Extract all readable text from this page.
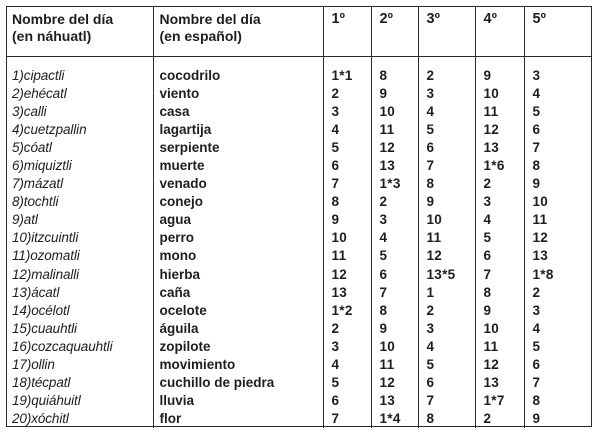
Nombre del día
(en náhuatl)	Nombre del día
(en español)	1º	2º	3º	4º	5º
1)cipactli	cocodrilo	1*1	8	2	9	3
2)ehécatl	viento	2	9	3	10	4
3)calli	casa	3	10	4	11	5
4)cuetzpallin	lagartija	4	11	5	12	6
5)cóatl	serpiente	5	12	6	13	7
6)miquiztli	muerte	6	13	7	1*6	8
7)mázatl	venado	7	1*3	8	2	9
8)tochtli	conejo	8	2	9	3	10
9)atl	agua	9	3	10	4	11
10)itzcuintli	perro	10	4	11	5	12
11)ozomatli	mono	11	5	12	6	13
12)malinalli	hierba	12	6	13*5	7	1*8
13)ácatl	caña	13	7	1	8	2
14)océlotl	ocelote	1*2	8	2	9	3
15)cuauhtli	águila	2	9	3	10	4
16)cozcaquauhtli	zopilote	3	10	4	11	5
17)ollin	movimiento	4	11	5	12	6
18)técpatl	cuchillo de piedra	5	12	6	13	7
19)quiáhuitl	lluvia	6	13	7	1*7	8
20)xóchitl	flor	7	1*4	8	2	9
